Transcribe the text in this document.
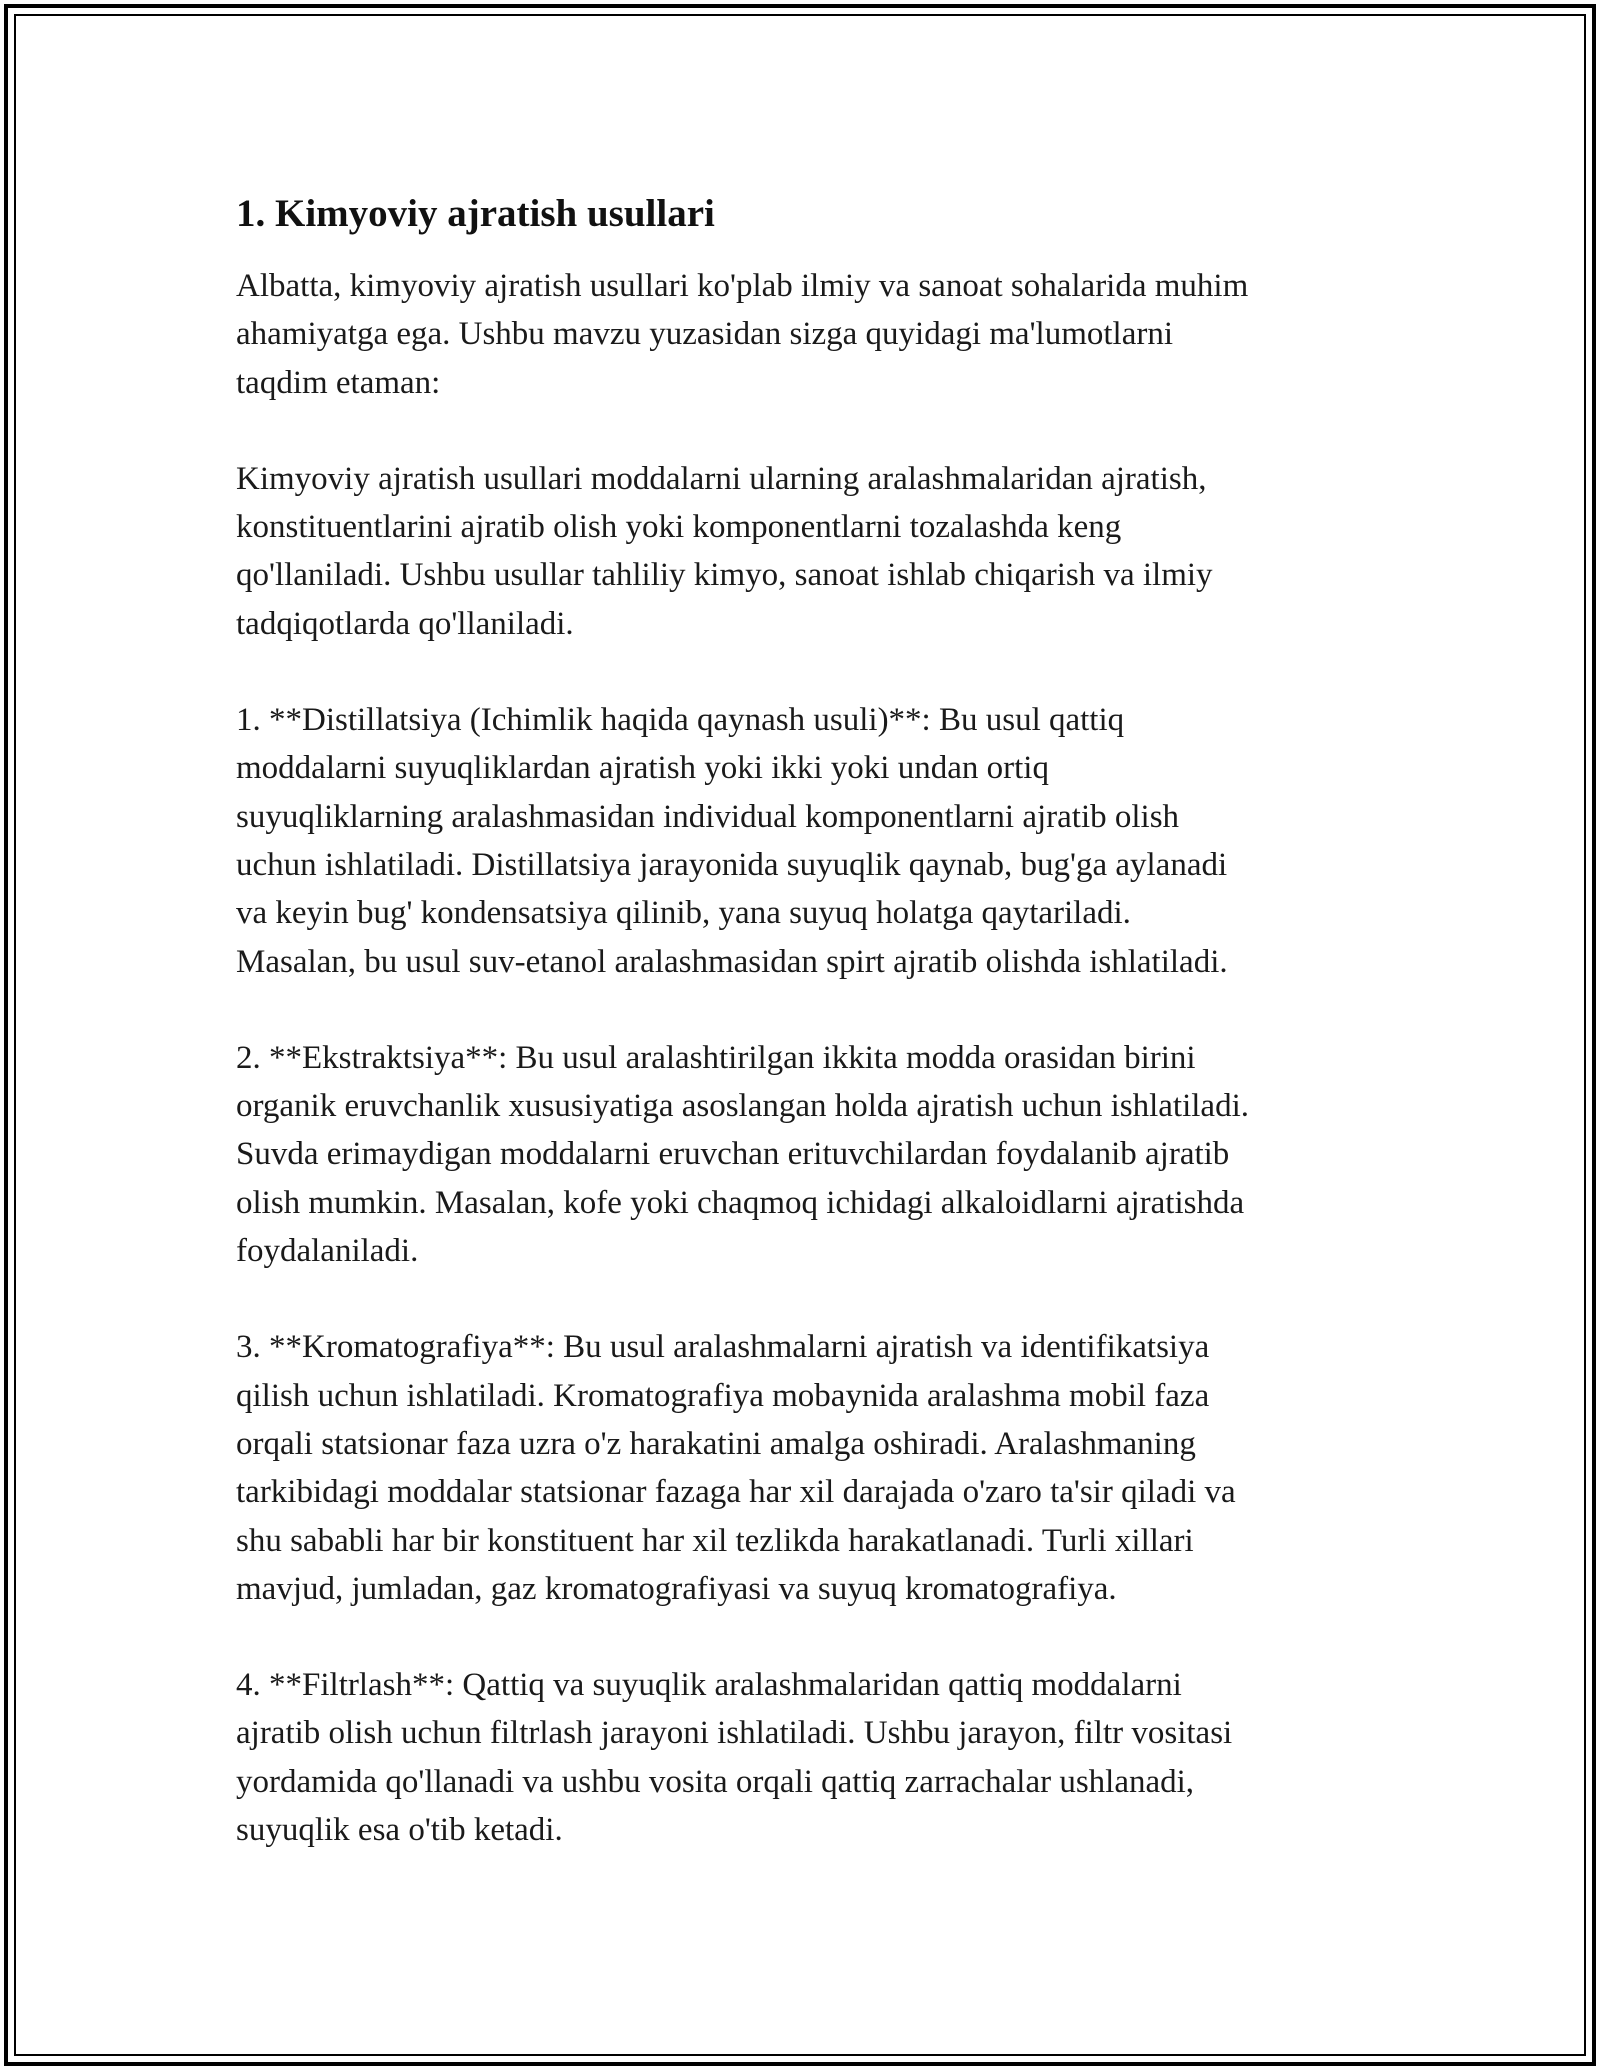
1. Kimyoviy ajratish usullari
Albatta, kimyoviy ajratish usullari ko'plab ilmiy va sanoat sohalarida muhim
ahamiyatga ega. Ushbu mavzu yuzasidan sizga quyidagi ma'lumotlarni
taqdim etaman:
Kimyoviy ajratish usullari moddalarni ularning aralashmalaridan ajratish,
konstituentlarini ajratib olish yoki komponentlarni tozalashda keng
qo'llaniladi. Ushbu usullar tahliliy kimyo, sanoat ishlab chiqarish va ilmiy
tadqiqotlarda qo'llaniladi.
1. **Distillatsiya (Ichimlik haqida qaynash usuli)**: Bu usul qattiq
moddalarni suyuqliklardan ajratish yoki ikki yoki undan ortiq
suyuqliklarning aralashmasidan individual komponentlarni ajratib olish
uchun ishlatiladi. Distillatsiya jarayonida suyuqlik qaynab, bug'ga aylanadi
va keyin bug' kondensatsiya qilinib, yana suyuq holatga qaytariladi.
Masalan, bu usul suv-etanol aralashmasidan spirt ajratib olishda ishlatiladi.
2. **Ekstraktsiya**: Bu usul aralashtirilgan ikkita modda orasidan birini
organik eruvchanlik xususiyatiga asoslangan holda ajratish uchun ishlatiladi.
Suvda erimaydigan moddalarni eruvchan erituvchilardan foydalanib ajratib
olish mumkin. Masalan, kofe yoki chaqmoq ichidagi alkaloidlarni ajratishda
foydalaniladi.
3. **Kromatografiya**: Bu usul aralashmalarni ajratish va identifikatsiya
qilish uchun ishlatiladi. Kromatografiya mobaynida aralashma mobil faza
orqali statsionar faza uzra o'z harakatini amalga oshiradi. Aralashmaning
tarkibidagi moddalar statsionar fazaga har xil darajada o'zaro ta'sir qiladi va
shu sababli har bir konstituent har xil tezlikda harakatlanadi. Turli xillari
mavjud, jumladan, gaz kromatografiyasi va suyuq kromatografiya.
4. **Filtrlash**: Qattiq va suyuqlik aralashmalaridan qattiq moddalarni
ajratib olish uchun filtrlash jarayoni ishlatiladi. Ushbu jarayon, filtr vositasi
yordamida qo'llanadi va ushbu vosita orqali qattiq zarrachalar ushlanadi,
suyuqlik esa o'tib ketadi.
